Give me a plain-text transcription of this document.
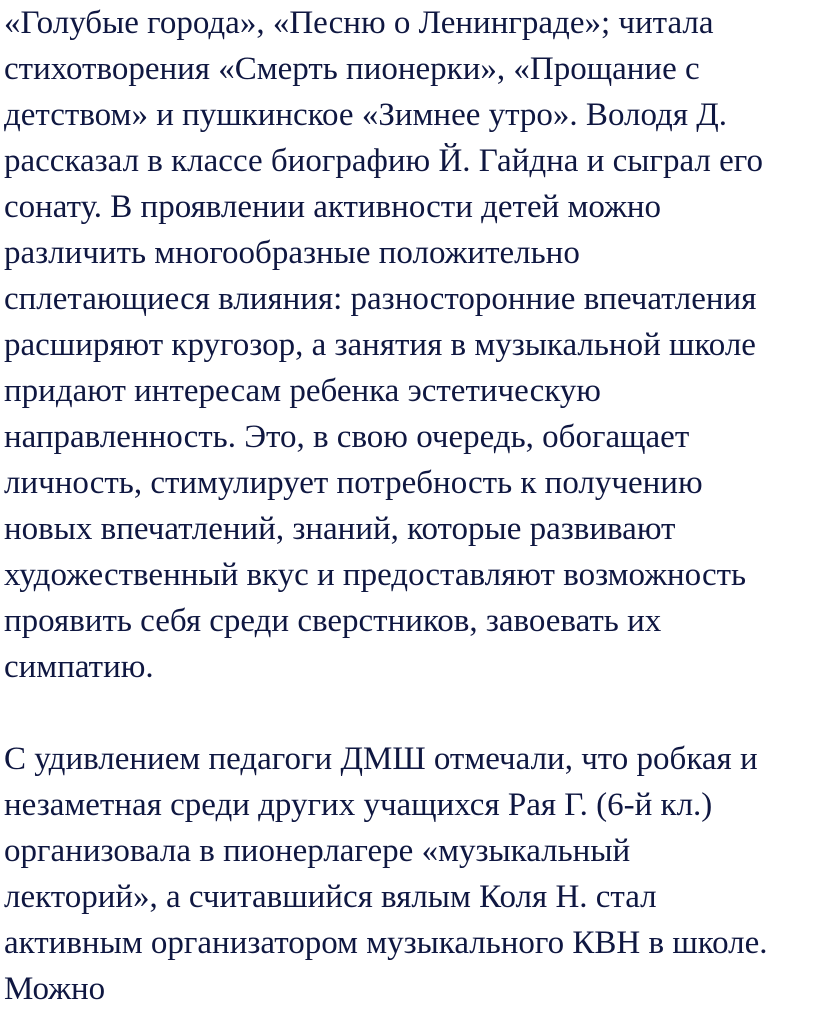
«Голубые города», «Песню о Ленинграде»; читала
стихотворения «Смерть пионерки», «Прощание с
детством» и пушкинское «Зимнее утро». Володя Д.
рассказал в классе биографию Й. Гайдна и сыграл его
сонату. В проявлении активности детей можно
различить многообразные положительно
сплетающиеся влияния: разносторонние впечатления
расширяют кругозор, а занятия в музыкальной школе
придают интересам ребенка эстетическую
направленность. Это, в свою очередь, обогащает
личность, стимулирует потребность к получению
новых впечатлений, знаний, которые развивают
художественный вкус и предоставляют возможность
проявить себя среди сверстников, завоевать их
симпатию.
С удивлением педагоги ДМШ отмечали, что робкая и
незаметная среди других учащихся Рая Г. (6-й кл.)
организовала в пионерлагере «музыкальный
лекторий», а считавшийся вялым Коля Н. стал
активным организатором музыкального КВН в школе.
Можно
